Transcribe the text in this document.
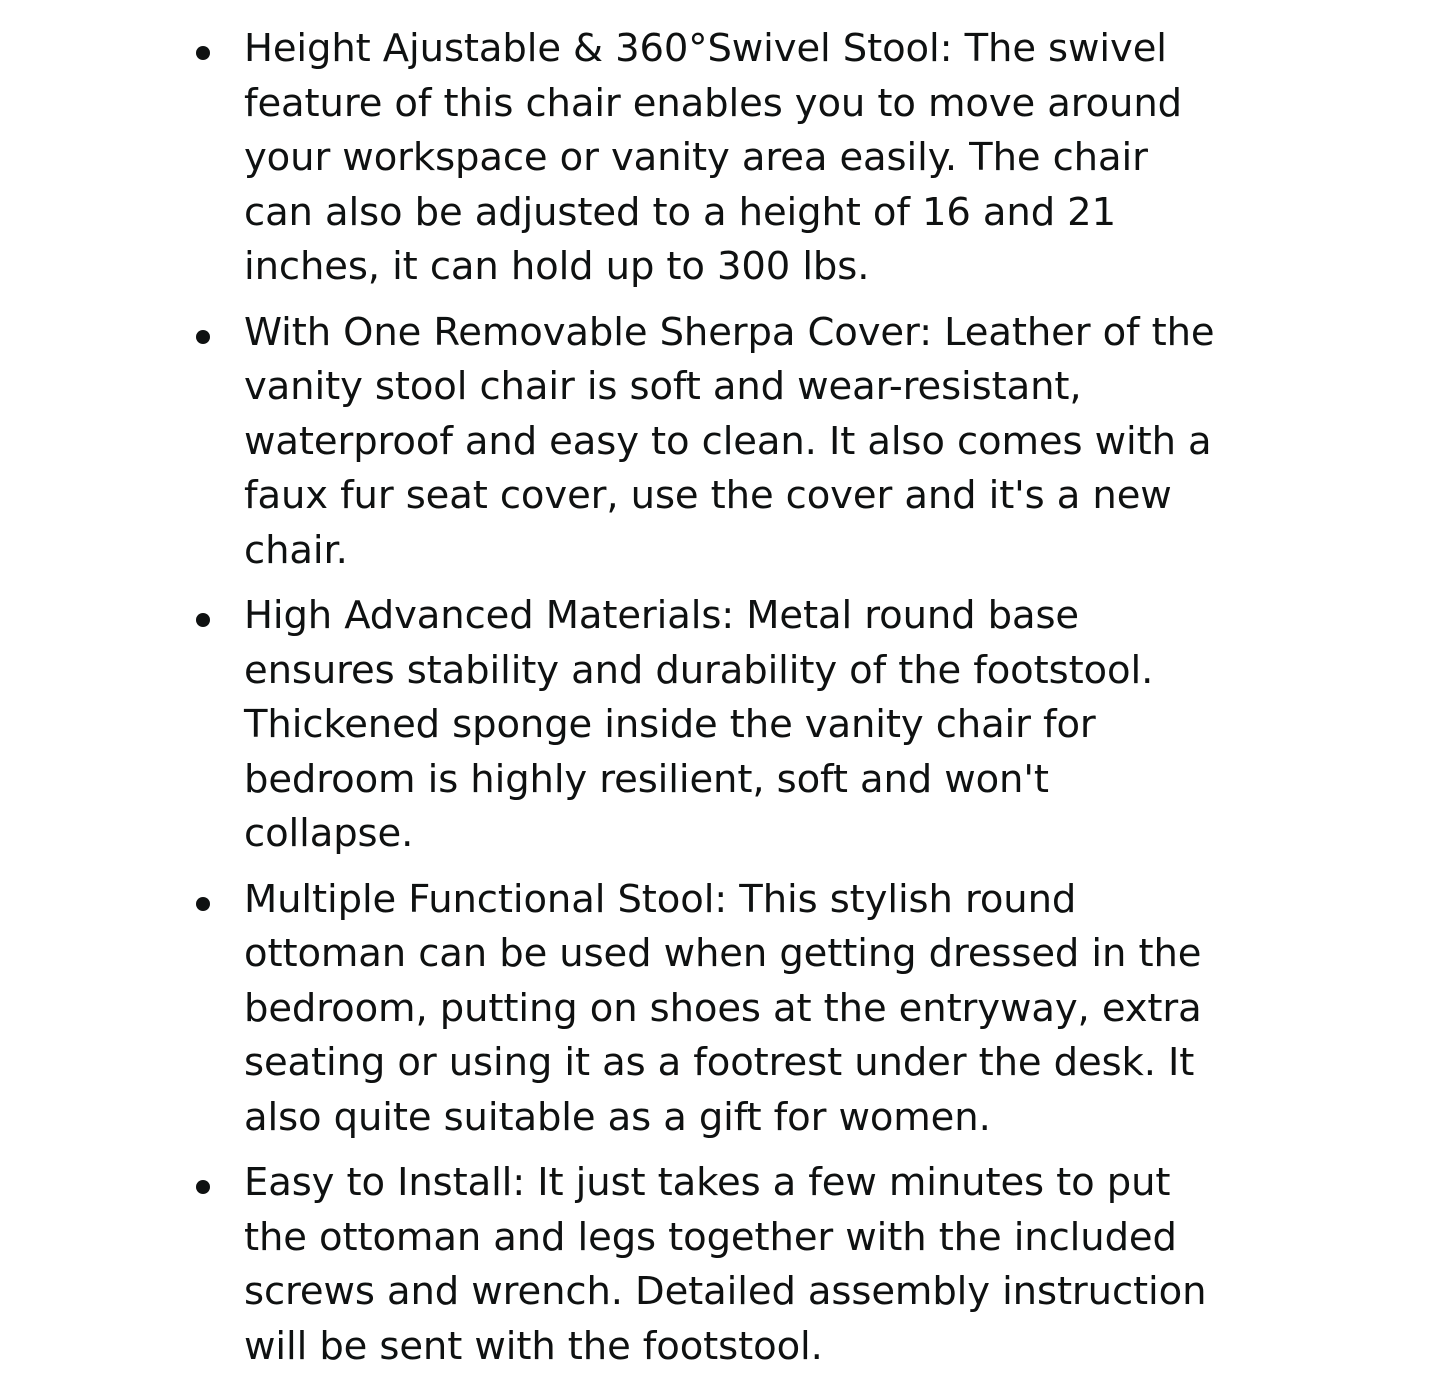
Height Ajustable & 360°Swivel Stool: The swivel feature of this chair enables you to move around your workspace or vanity area easily. The chair can also be adjusted to a height of 16 and 21 inches, it can hold up to 300 lbs.
With One Removable Sherpa Cover: Leather of the vanity stool chair is soft and wear-resistant, waterproof and easy to clean. It also comes with a faux fur seat cover, use the cover and it's a new chair.
High Advanced Materials: Metal round base ensures stability and durability of the footstool. Thickened sponge inside the vanity chair for bedroom is highly resilient, soft and won't collapse.
Multiple Functional Stool: This stylish round ottoman can be used when getting dressed in the bedroom, putting on shoes at the entryway, extra seating or using it as a footrest under the desk. It also quite suitable as a gift for women.
Easy to Install: It just takes a few minutes to put the ottoman and legs together with the included screws and wrench. Detailed assembly instruction will be sent with the footstool.
